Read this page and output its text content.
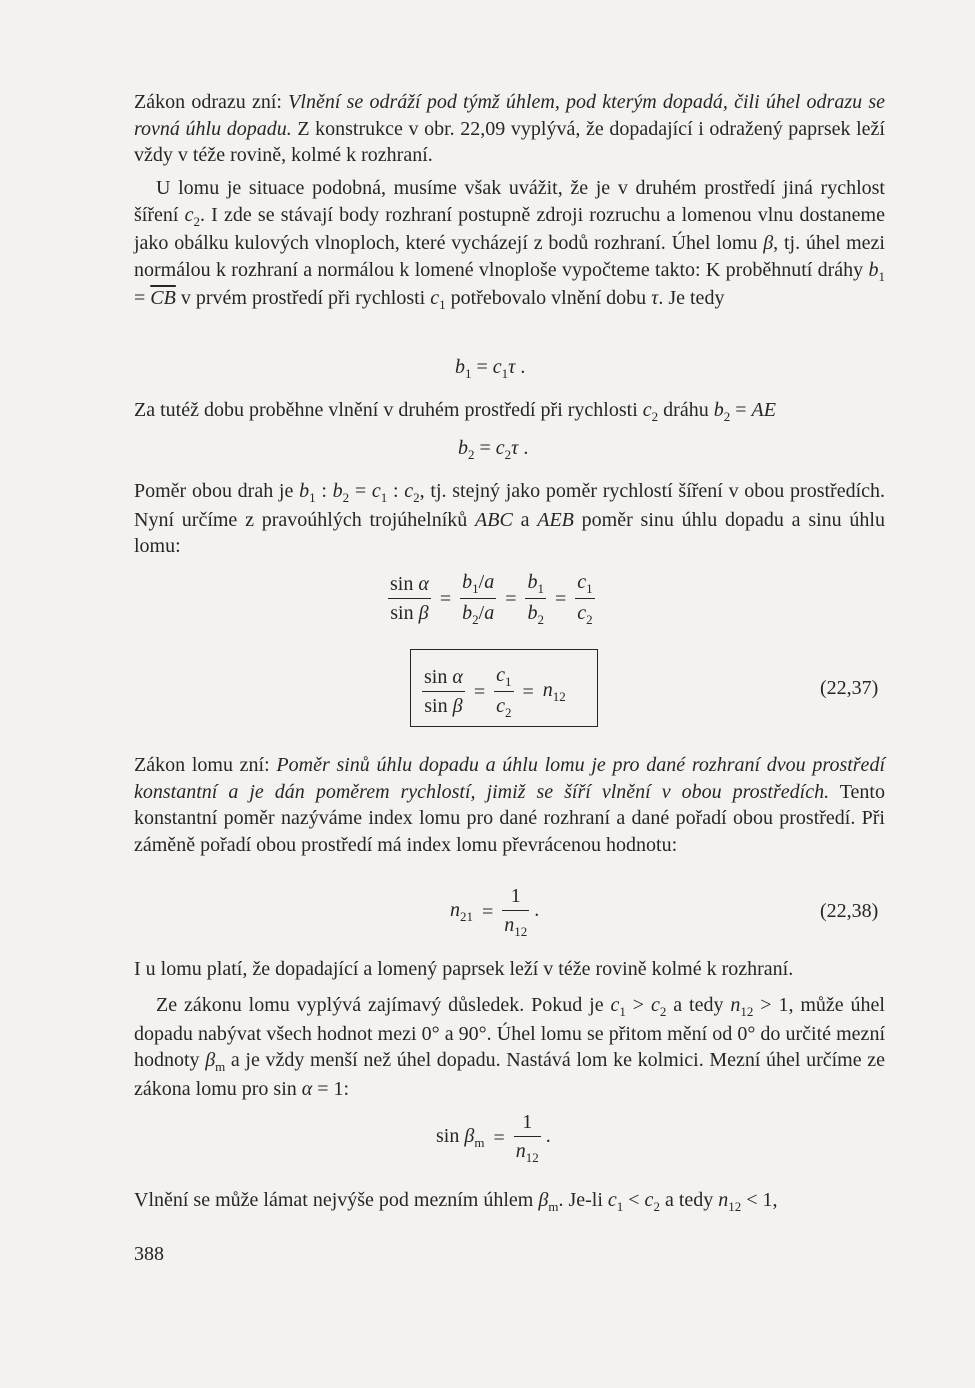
Zákon odrazu zní: Vlnění se odráží pod týmž úhlem, pod kterým dopadá, čili úhel odrazu se rovná úhlu dopadu. Z konstrukce v obr. 22,09 vyplývá, že dopadající i odražený paprsek leží vždy v téže rovině, kolmé k rozhraní.

U lomu je situace podobná, musíme však uvážit, že je v druhém prostředí jiná rychlost šíření $c_2$. I zde se stávají body rozhraní postupně zdroji rozruchu a lomenou vlnu dostaneme jako obálku kulových vlnoploch, které vycházejí z bodů rozhraní. Úhel lomu β, tj. úhel mezi normálou k rozhraní a normálou k lomené vlnoploše vypočteme takto: K proběhnutí dráhy $b_1 = \overline{CB}$ v prvém prostředí při rychlosti $c_1$ potřebovalo vlnění dobu τ. Je tedy

$b_1 = c_1\tau$ .

Za tutéž dobu proběhne vlnění v druhém prostředí při rychlosti $c_2$ dráhu $b_2$ = AE

$b_2 = c_2\tau$ .

Poměr obou drah je $b_1$ : $b_2 = c_1$ : $c_2$, tj. stejný jako poměr rychlostí šíření v obou prostředích. Nyní určíme z pravoúhlých trojúhelníků ABC a AEB poměr sinu úhlu dopadu a sinu úhlu lomu:

$\frac{\text{sin α}}{\text{sin β}} = \frac{b_1/a}{b_2/a} = \frac{b_1}{b_2} = \frac{c_1}{c_2}$
$\frac{\text{sin α}}{\text{sin β}} = \frac{c_1}{c_2} = n_{12}$	(22,37)

Zákon lomu zní: Poměr sinů úhlu dopadu a úhlu lomu je pro dané rozhraní dvou prostředí konstantní a je dán poměrem rychlostí, jimiž se šíří vlnění v obou prostředích. Tento konstantní poměr nazýváme index lomu pro dané rozhraní a dané pořadí obou prostředí. Při záměně pořadí obou prostředí má index lomu převrácenou hodnotu:

$n_{21} = \frac{1}{n_{12}}$ .	(22,38)

I u lomu platí, že dopadající a lomený paprsek leží v téže rovině kolmé k rozhraní.

Ze zákonu lomu vyplývá zajímavý důsledek. Pokud je $c_1 > c_2$ a tedy $n_{12} > 1$, může úhel dopadu nabývat všech hodnot mezi 0° a 90°. Úhel lomu se přitom mění od 0° do určité mezní hodnoty $\beta_m$ a je vždy menší než úhel dopadu. Nastává lom ke kolmici. Mezní úhel určíme ze zákona lomu pro sin α = 1:

$\sin \beta_m = \frac{1}{n_{12}}$ .

Vlnění se může lámat nejvýše pod mezním úhlem $\beta_m$. Je-li $c_1 < c_2$ a tedy $n_{12} < 1$,

388
